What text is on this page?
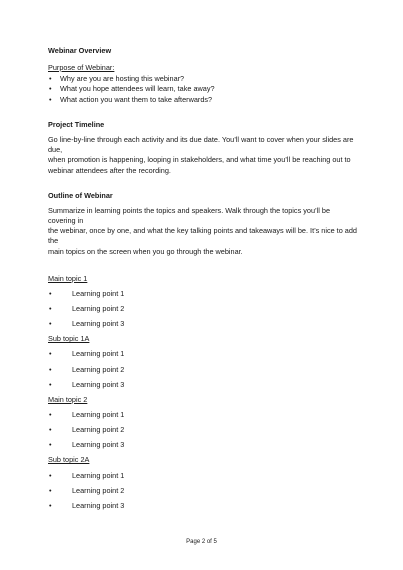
Webinar Overview

Purpose of Webinar:

• Why are you are hosting this webinar?
• What you hope attendees will learn, take away?
• What action you want them to take afterwards?

Project Timeline

Go line-by-line through each activity and its due date. You’ll want to cover when your slides are due,

when promotion is happening, looping in stakeholders, and what time you’ll be reaching out to

webinar attendees after the recording.

Outline of Webinar

Summarize in learning points the topics and speakers. Walk through the topics you’ll be covering in

the webinar, once by one, and what the key talking points and takeaways will be. It’s nice to add the

main topics on the screen when you go through the webinar.

Main topic 1

•	Learning point 1
•	Learning point 2
•	Learning point 3

Sub topic 1A

•	Learning point 1
•	Learning point 2
•	Learning point 3

Main topic 2

•	Learning point 1
•	Learning point 2
•	Learning point 3

Sub topic 2A

•	Learning point 1
•	Learning point 2
•	Learning point 3
Page 2 of 5
